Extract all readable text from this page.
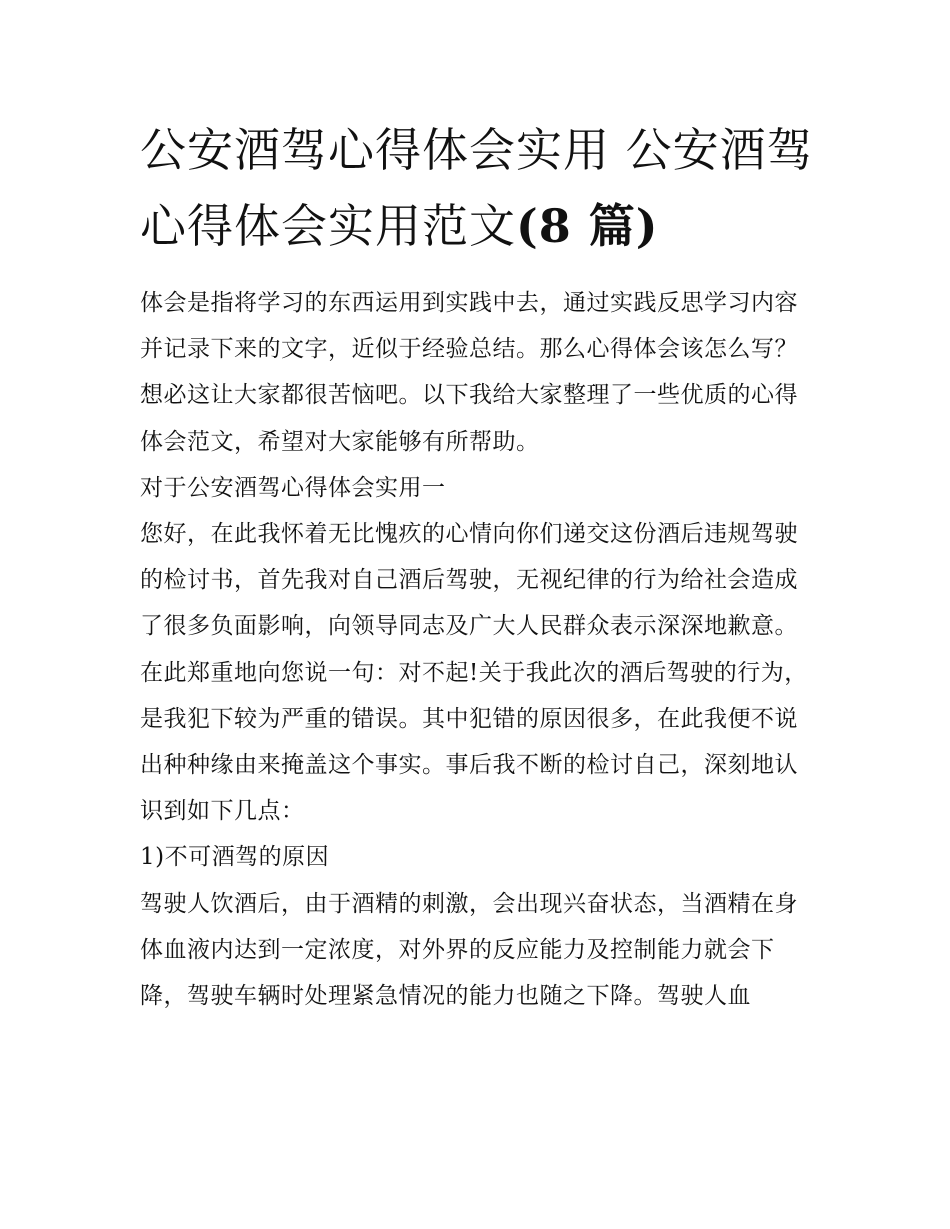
公安酒驾心得体会实用 公安酒驾心得体会实用范文(8 篇)

体会是指将学习的东西运用到实践中去，通过实践反思学习内容并记录下来的文字，近似于经验总结。那么心得体会该怎么写？想必这让大家都很苦恼吧。以下我给大家整理了一些优质的心得体会范文，希望对大家能够有所帮助。

对于公安酒驾心得体会实用一

您好，在此我怀着无比愧疚的心情向你们递交这份酒后违规驾驶的检讨书，首先我对自己酒后驾驶，无视纪律的行为给社会造成了很多负面影响，向领导同志及广大人民群众表示深深地歉意。在此郑重地向您说一句：对不起!关于我此次的酒后驾驶的行为，是我犯下较为严重的错误。其中犯错的原因很多，在此我便不说出种种缘由来掩盖这个事实。事后我不断的检讨自己，深刻地认识到如下几点：

1)不可酒驾的原因

驾驶人饮酒后，由于酒精的刺激，会出现兴奋状态，当酒精在身体血液内达到一定浓度，对外界的反应能力及控制能力就会下降，驾驶车辆时处理紧急情况的能力也随之下降。驾驶人血
